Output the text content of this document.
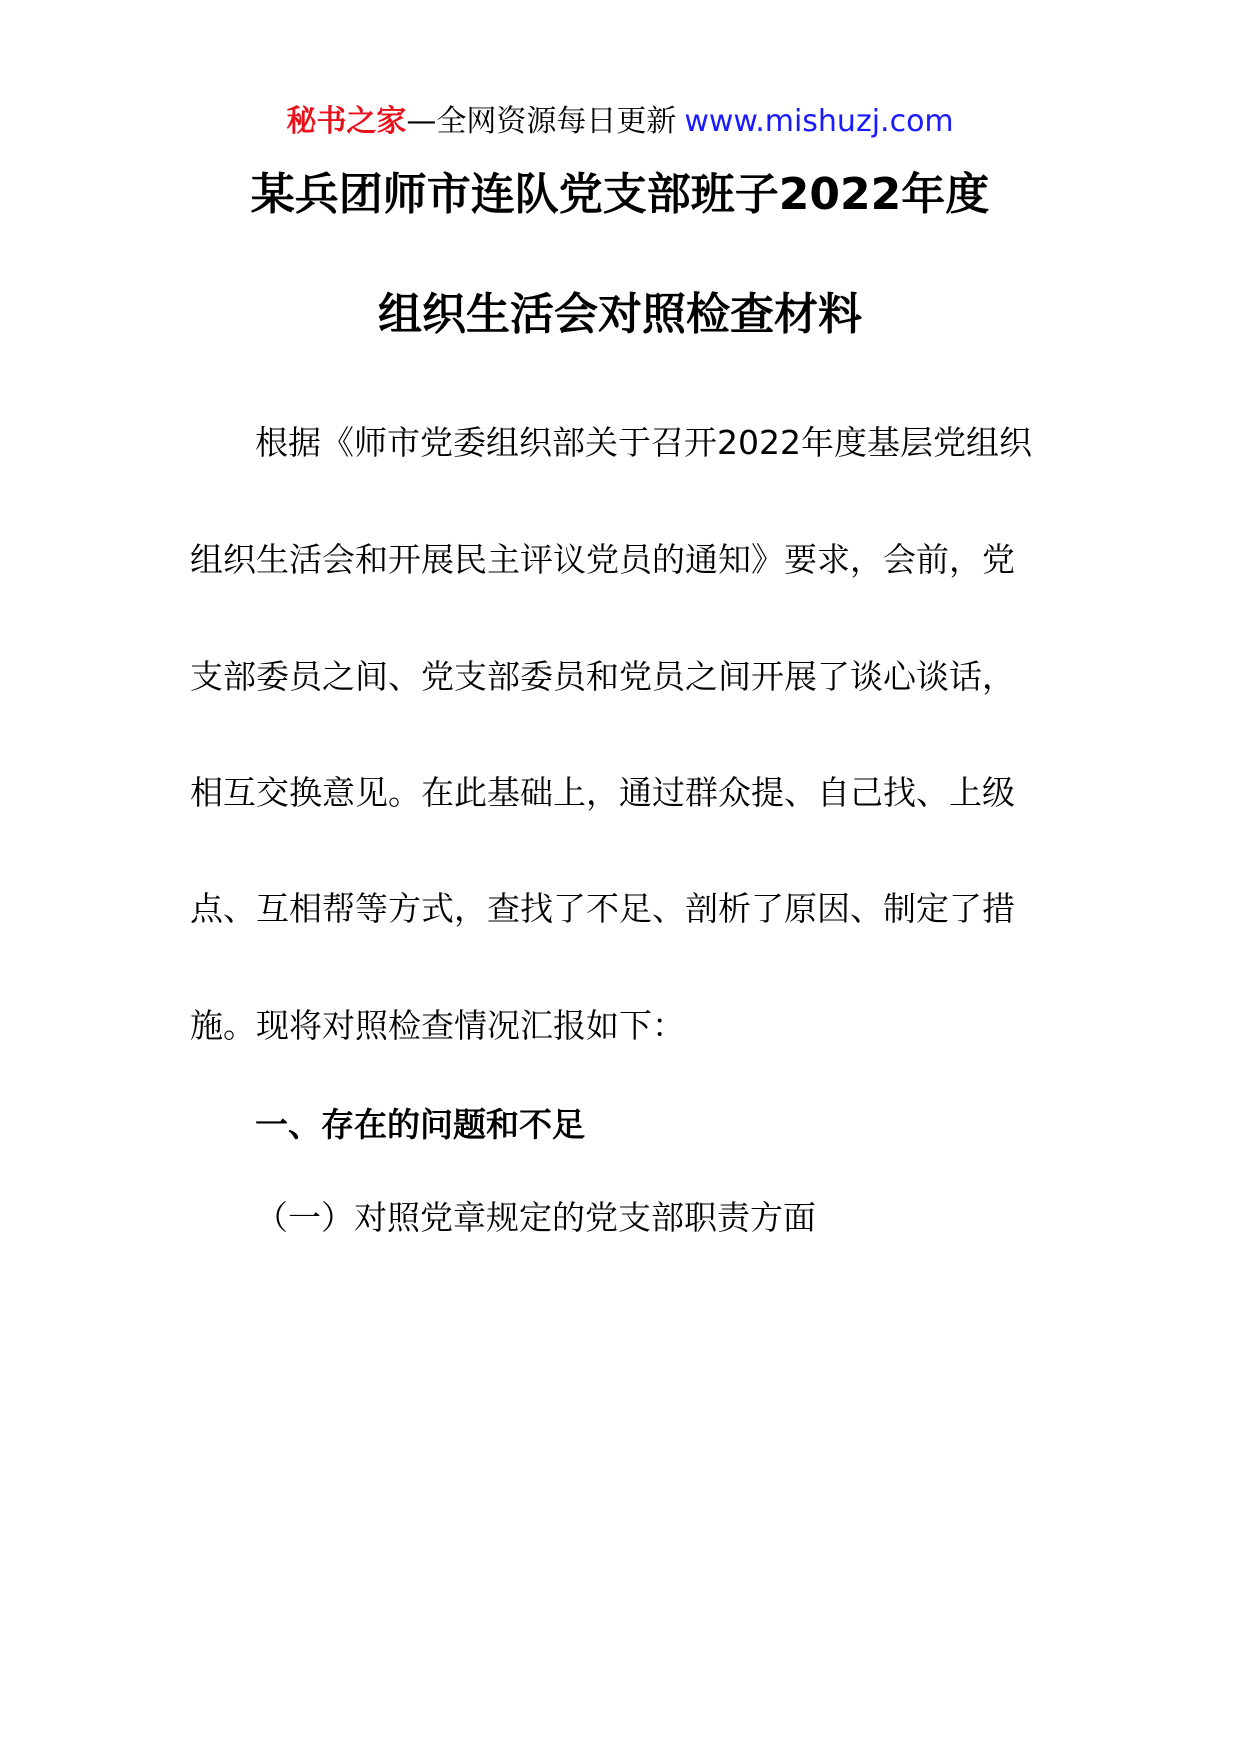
秘书之家—全网资源每日更新 www.mishuzj.com
某兵团师市连队党支部班子2022年度
组织生活会对照检查材料
根据《师市党委组织部关于召开2022年度基层党组织
组织生活会和开展民主评议党员的通知》要求，会前，党
支部委员之间、党支部委员和党员之间开展了谈心谈话，
相互交换意见。在此基础上，通过群众提、自己找、上级
点、互相帮等方式，查找了不足、剖析了原因、制定了措
施。现将对照检查情况汇报如下：
一、存在的问题和不足
（一）对照党章规定的党支部职责方面
